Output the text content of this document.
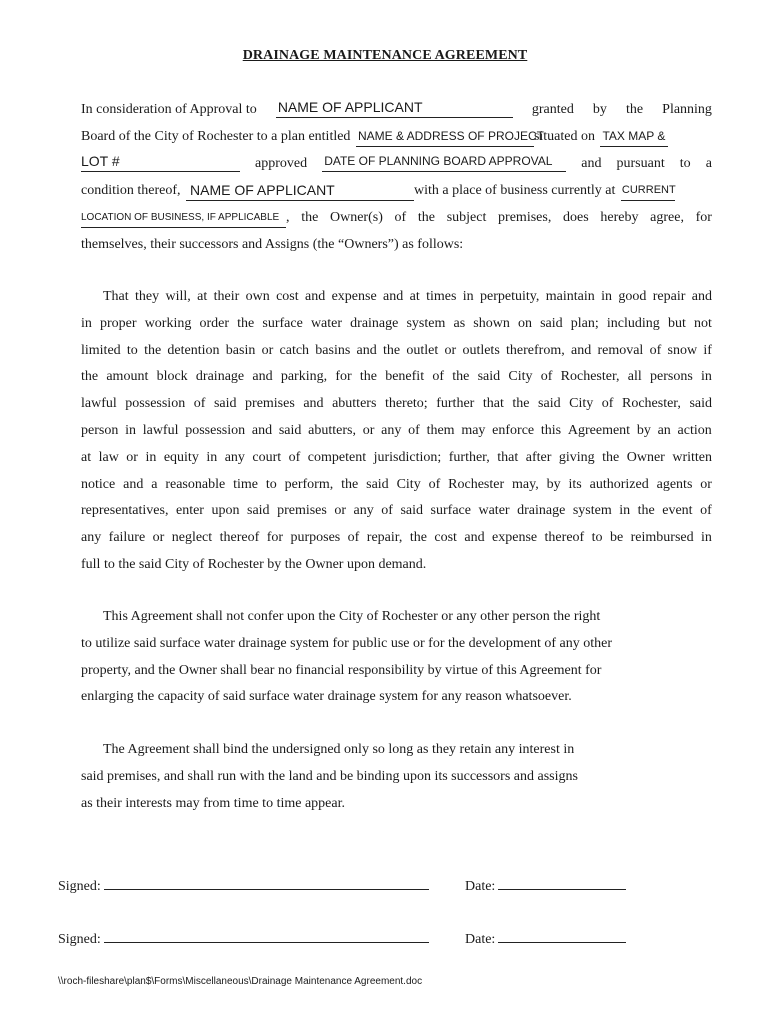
DRAINAGE MAINTENANCE AGREEMENT
In consideration of Approval to NAME OF APPLICANT	granted by the Planning
Board of the City of Rochester to a plan entitled NAME & ADDRESS OF PROJECT
situated on TAX MAP &
LOT #	approved DATE OF PLANNING BOARD APPROVAL and pursuant to a
condition thereof, NAME OF APPLICANT	with a place of business currently at CURRENT
LOCATION OF BUSINESS, IF APPLICABLE , the Owner(s) of the subject premises, does hereby agree, for
themselves, their successors and Assigns (the “Owners”) as follows:
That they will, at their own cost and expense and at times in perpetuity, maintain in good repair and
in proper working order the surface water drainage system as shown on said plan; including but not
limited to the detention basin or catch basins and the outlet or outlets therefrom, and removal of snow if
the amount block drainage and parking, for the benefit of the said City of Rochester, all persons in
lawful possession of said premises and abutters thereto; further that the said City of Rochester, said
person in lawful possession and said abutters, or any of them may enforce this Agreement by an action
at law or in equity in any court of competent jurisdiction; further, that after giving the Owner written
notice and a reasonable time to perform, the said City of Rochester may, by its authorized agents or
representatives, enter upon said premises or any of said surface water drainage system in the event of
any failure or neglect thereof for purposes of repair, the cost and expense thereof to be reimbursed in
full to the said City of Rochester by the Owner upon demand.
This Agreement shall not confer upon the City of Rochester or any other person the right
to utilize said surface water drainage system for public use or for the development of any other
property, and the Owner shall bear no financial responsibility by virtue of this Agreement for
enlarging the capacity of said surface water drainage system for any reason whatsoever.
The Agreement shall bind the undersigned only so long as they retain any interest in
said premises, and shall run with the land and be binding upon its successors and assigns
as their interests may from time to time appear.
Signed:	Date:
Signed:	Date:
\\roch-fileshare\plan$\Forms\Miscellaneous\Drainage Maintenance Agreement.doc
